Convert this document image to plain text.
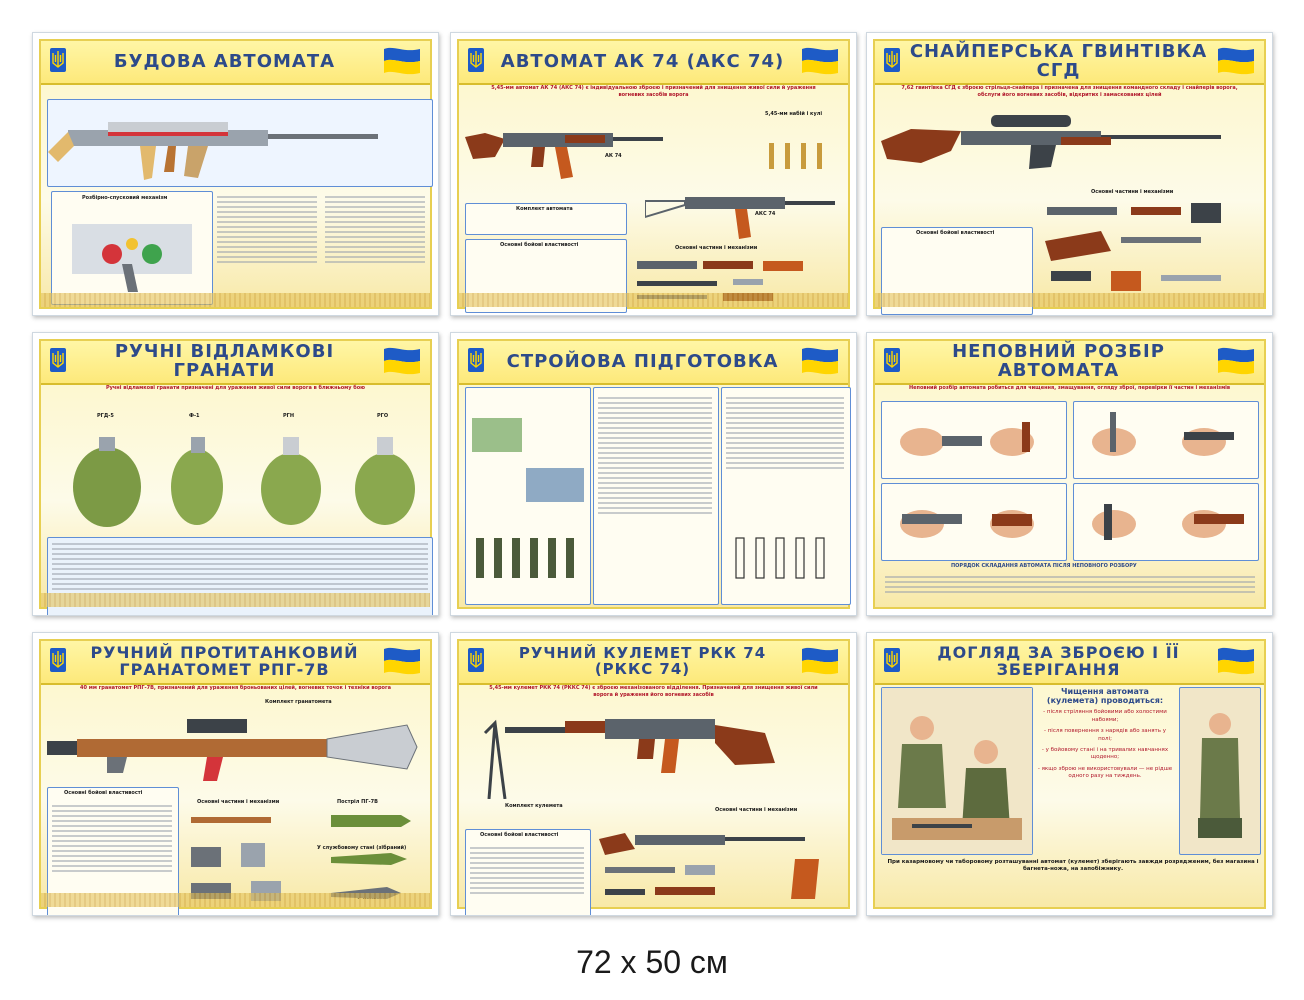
БУДОВА АВТОМАТА
Розбірно-спусковий механізм
АВТОМАТ АК 74 (АКС 74)
5,45-мм автомат АК 74 (АКС 74) є індивідуальною зброєю і призначений для знищення живої сили й ураження вогневих засобів ворога
АК 74
5,45-мм набій і кулі
АКС 74
Комплект автомата
Основні бойові властивості	Основні частини і механізми
СНАЙПЕРСЬКА ГВИНТІВКА СГД
7,62 гвинтівка СГД є зброєю стрільця-снайпера і призначена для знищення командного складу і снайперів ворога, обслуги його вогневих засобів, відкритих і замаскованих цілей
Основні бойові властивості
Основні частини і механізми
РУЧНІ ВІДЛАМКОВІ ГРАНАТИ
Ручні відламкові гранати призначені для ураження живої сили ворога в ближньому бою
РГД-5	Ф-1	РГН	РГО
СТРОЙОВА ПІДГОТОВКА	НЕПОВНИЙ РОЗБІР АВТОМАТА
Неповний розбір автомата робиться для чищення, змащування, огляду зброї, перевірки її частин і механізмів
ПОРЯДОК СКЛАДАННЯ АВТОМАТА ПІСЛЯ НЕПОВНОГО РОЗБОРУ
РУЧНИЙ ПРОТИТАНКОВИЙ ГРАНАТОМЕТ РПГ-7В
40 мм гранатомет РПГ-7В, призначений для ураження броньованих цілей, вогневих точок і техніки ворога
Комплект гранатомета
Основні бойові властивості
Основні частини і механізми	Постріл ПГ-7В
У службовому стані (зібраний)
РУЧНИЙ КУЛЕМЕТ РКК 74 (РККС 74)
5,45-мм кулемет РКК 74 (РККС 74) є зброєю механізованого відділення. Призначений для знищення живої сили ворога й ураження його вогневих засобів
Комплект кулемета
Основні частини і механізми
Основні бойові властивості
ДОГЛЯД ЗА ЗБРОЄЮ І ЇЇ ЗБЕРІГАННЯ
Чищення автомата (кулемета) проводиться:
- після стріляння бойовими або холостими набоями;
- після повернення з нарядів або занять у полі;
- у бойовому стані і на тривалих навчаннях щоденно;
- якщо зброю не використовували — не рідше одного разу на тиждень.
При казармовому чи таборовому розташуванні автомат (кулемет) зберігають завжди розрядженим, без магазина і багнета-ножа, на запобіжнику.
72 x 50 см
